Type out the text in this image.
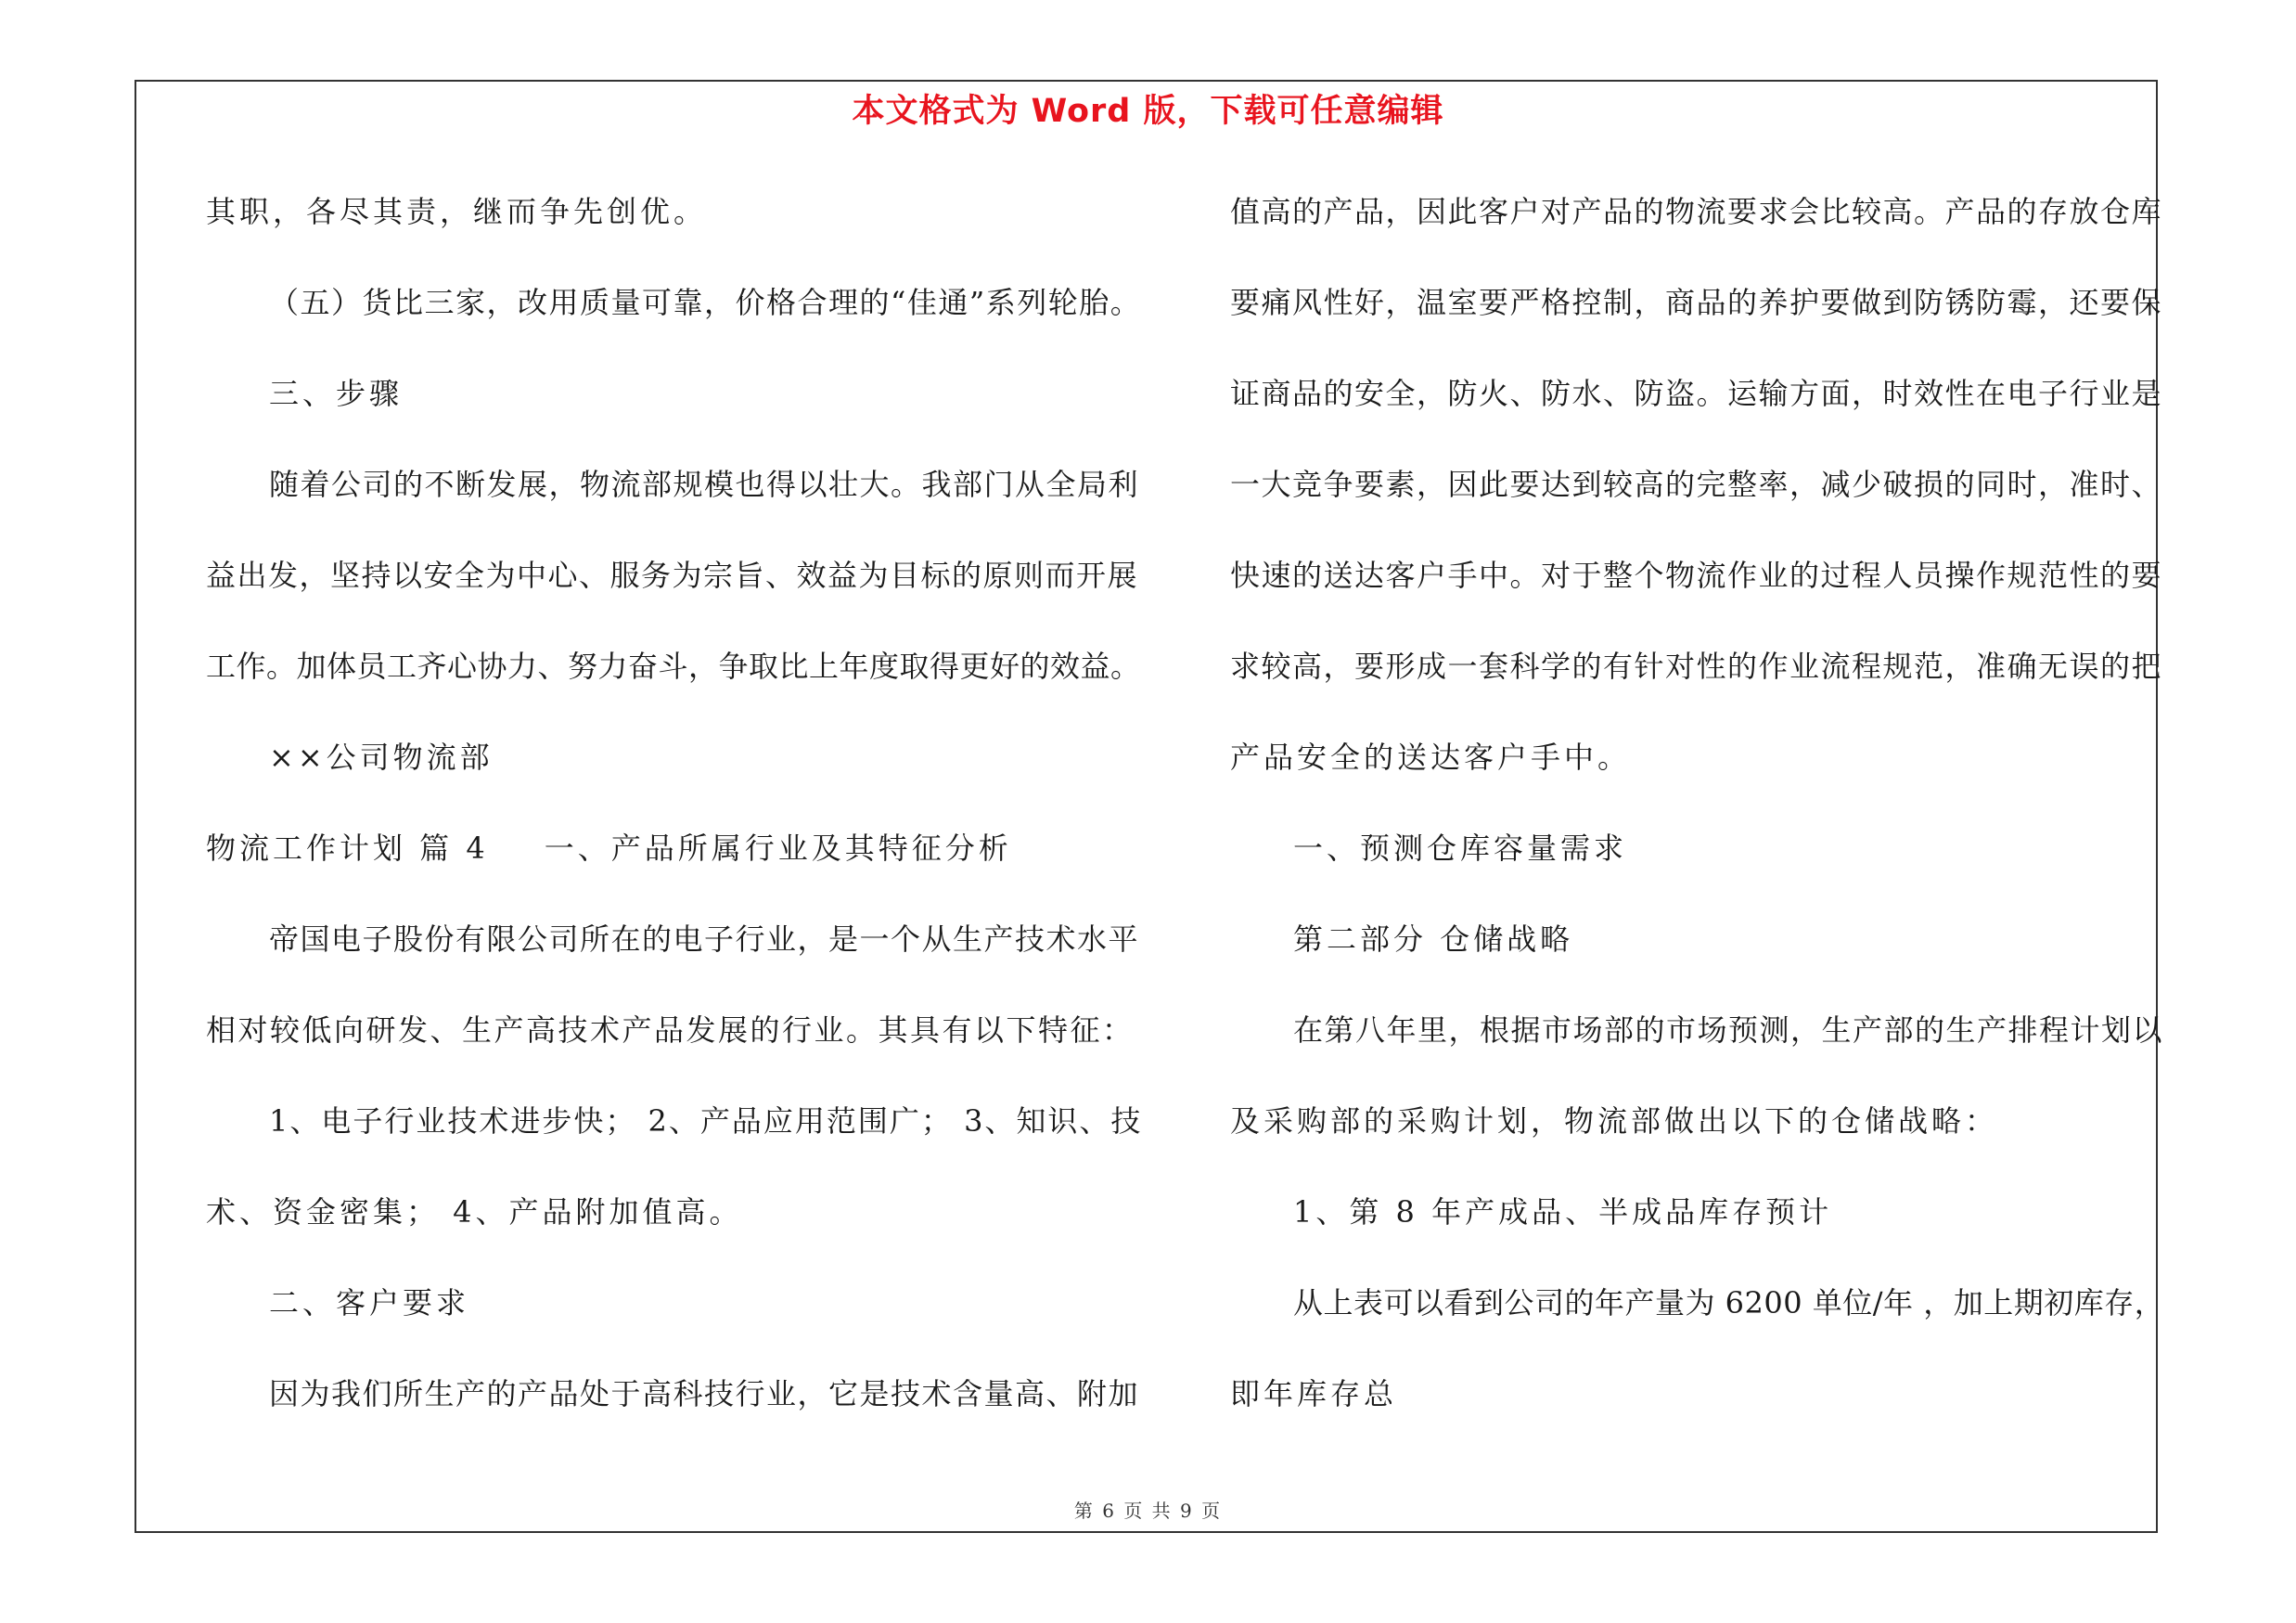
本文格式为 Word 版，下载可任意编辑
其职，各尽其责，继而争先创优。
（五）货比三家，改用质量可靠，价格合理的“佳通”系列轮胎。
三、步骤
随着公司的不断发展，物流部规模也得以壮大。我部门从全局利
益出发，坚持以安全为中心、服务为宗旨、效益为目标的原则而开展
工作。加体员工齐心协力、努力奋斗，争取比上年度取得更好的效益。
××公司物流部
物流工作计划 篇 4 一、产品所属行业及其特征分析
帝国电子股份有限公司所在的电子行业，是一个从生产技术水平
相对较低向研发、生产高技术产品发展的行业。其具有以下特征：
1、电子行业技术进步快； 2、产品应用范围广； 3、知识、技
术、资金密集； 4、产品附加值高。
二、客户要求
因为我们所生产的产品处于高科技行业，它是技术含量高、附加
值高的产品，因此客户对产品的物流要求会比较高。产品的存放仓库
要痛风性好，温室要严格控制，商品的养护要做到防锈防霉，还要保
证商品的安全，防火、防水、防盗。运输方面，时效性在电子行业是
一大竞争要素，因此要达到较高的完整率，减少破损的同时，准时、
快速的送达客户手中。对于整个物流作业的过程人员操作规范性的要
求较高，要形成一套科学的有针对性的作业流程规范，准确无误的把
产品安全的送达客户手中。
一、预测仓库容量需求
第二部分 仓储战略
在第八年里，根据市场部的市场预测，生产部的生产排程计划以
及采购部的采购计划，物流部做出以下的仓储战略：
1、第 8 年产成品、半成品库存预计
从上表可以看到公司的年产量为 6200 单位/年 ，加上期初库存，
即年库存总
第 6 页 共 9 页
